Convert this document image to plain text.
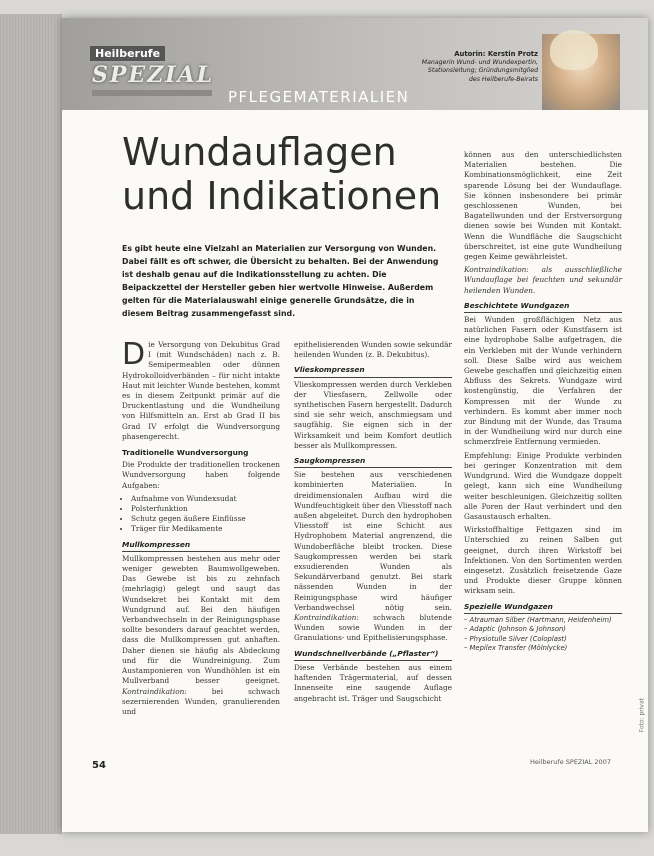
Heilberufe
SPEZIAL
PFLEGEMATERIALIEN
Autorin: Kerstin Protz
Managerin Wund- und Wundexpertin, Stationsleitung; Gründungsmitglied des Heilberufe-Beirats
Wundauflagen
und Indikationen
Es gibt heute eine Vielzahl an Materialien zur Versorgung von Wunden. Dabei fällt es oft schwer, die Übersicht zu behalten. Bei der Anwendung ist deshalb genau auf die Indikationsstellung zu achten. Die Beipackzettel der Hersteller geben hier wertvolle Hinweise. Außerdem gelten für die Materialauswahl einige generelle Grundsätze, die in diesem Beitrag zusammengefasst sind.

Die Versorgung von Dekubitus Grad I (mit Wundschäden) nach z. B. Semipermeablen oder dünnen Hydrokolloidverbänden – für nicht intakte Haut mit leichter Wunde bestehen, kommt es in diesem Zeitpunkt primär auf die Druckentlastung und die Wundheilung von Hilfsmitteln an. Erst ab Grad II bis Grad IV erfolgt die Wundversorgung phasengerecht.

Traditionelle Wundversorgung

Die Produkte der traditionellen trockenen Wundversorgung haben folgende Aufgaben:

• Aufnahme von Wundexsudat
• Polsterfunktion
• Schutz gegen äußere Einflüsse
• Träger für Medikamente
Mullkompressen

Mullkompressen bestehen aus mehr oder weniger gewebten Baumwollgeweben. Das Gewebe ist bis zu zehnfach (mehrlagig) gelegt und saugt das Wundsekret bei Kontakt mit dem Wundgrund auf. Bei den häufigen Verbandwechseln in der Reinigungsphase sollte besonders darauf geachtet werden, dass die Mullkompressen gut anhaften. Daher dienen sie häufig als Abdeckung und für die Wundreinigung. Zum Austamponieren von Wundhöhlen ist ein Mullverband besser geeignet. Kontraindikation:	bei schwach sezernierenden Wunden, granulierenden und

epithelisierenden Wunden sowie sekundär heilenden Wunden (z. B. Dekubitus).

Vlieskompressen

Vlieskompressen werden durch Verkleben der Vliesfasern, Zellwolle oder synthetischen Fasern hergestellt. Dadurch sind sie sehr weich, anschmiegsam und saugfähig. Sie eignen sich in der Wirksamkeit und beim Komfort deutlich besser als Mullkompressen.

Saugkompressen

Sie bestehen aus verschiedenen kombinierten Materialien. In dreidimensionalen Aufbau wird die Wundfeuchtigkeit über den Vliesstoff nach außen abgeleitet. Durch den hydrophoben Vliesstoff ist eine Schicht aus Hydrophobem Material angrenzend, die Wundoberfläche bleibt trocken. Diese Saugkompressen werden bei stark exsudierenden Wunden als Sekundärverband genutzt. Bei stark nässenden Wunden in der Reinigungsphase wird häufiger Verbandwechsel nötig sein. Kontraindikation: schwach blutende Wunden sowie Wunden in der Granulations- und Epithelisierungsphase.

Wundschnellverbände („Pflaster“)

Diese Verbände bestehen aus einem haftenden Trägermaterial, auf dessen Innenseite eine saugende Auflage angebracht ist. Träger und Saugschicht

können aus den unterschiedlichsten Materialien bestehen. Die Kombinationsmöglichkeit, eine Zeit sparende Lösung bei der Wundauflage. Sie können insbesondere bei primär geschlossenen Wunden, bei Bagatellwunden und der Erstversorgung dienen sowie bei Wunden mit Kontakt. Wenn die Wundfläche die Saugschicht überschreitet, ist eine gute Wundheilung gegen Keime gewährleistet.

Kontraindikation: als ausschließliche Wundauflage bei feuchten und sekundär heilenden Wunden.

Beschichtete Wundgazen

Bei Wunden großflächigen Netz aus natürlichen Fasern oder Kunstfasern ist eine hydrophobe Salbe aufgetragen, die ein Verkleben mit der Wunde verhindern soll. Diese Salbe wird aus weichem Gewebe geschaffen und gleichzeitig einen Abfluss des Sekrets. Wundgaze wird kostengünstig, die Verfahren der Kompressen mit der Wunde zu verhindern. Es kommt aber immer noch zur Bindung mit der Wunde, das Trauma in der Wundheilung wird nur durch eine schmerzfreie Entfernung vermieden.

Empfehlung: Einige Produkte verbinden bei geringer Konzentration mit dem Wundgrund. Wird die Wundgaze doppelt gelegt, kann sich eine Wundheilung weiter beschleunigen. Gleichzeitig sollten alle Poren der Haut verhindert und den Gasaustausch erhalten.

Wirkstoffhaltige Fettgazen sind im Unterschied zu reinen Salben gut geeignet, durch ihren Wirkstoff bei Infektionen. Von den Sortimenten werden eingesetzt. Zusätzlich freisetzende Gaze und Produkte dieser Gruppe können wirksam sein.

Spezielle Wundgazen
– Atrauman Silber (Hartmann, Heidenheim)
– Adaptic (Johnson & Johnson)
– Physiotulle Silver (Coloplast)
– Mepilex Transfer (Mölnlycke)
54	Heilberufe SPEZIAL 2007
Foto: privat
